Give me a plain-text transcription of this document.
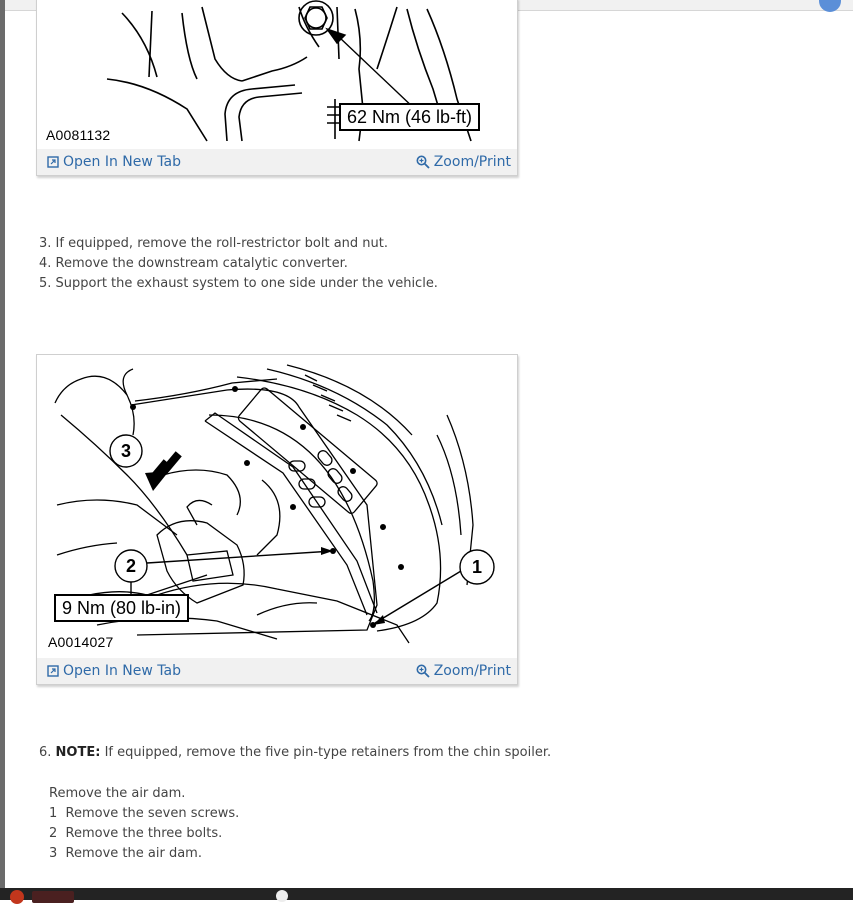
62 Nm (46 lb-ft)
A0081132
Open In New Tab	Zoom/Print

3. If equipped, remove the roll-restrictor bolt and nut.

4. Remove the downstream catalytic converter.

5. Support the exhaust system to one side under the vehicle.

1
2
3
9 Nm (80 lb-in)
A0014027
Open In New Tab	Zoom/Print

6. NOTE: If equipped, remove the five pin-type retainers from the chin spoiler.

Remove the air dam.

1  Remove the seven screws.

2  Remove the three bolts.

3  Remove the air dam.
